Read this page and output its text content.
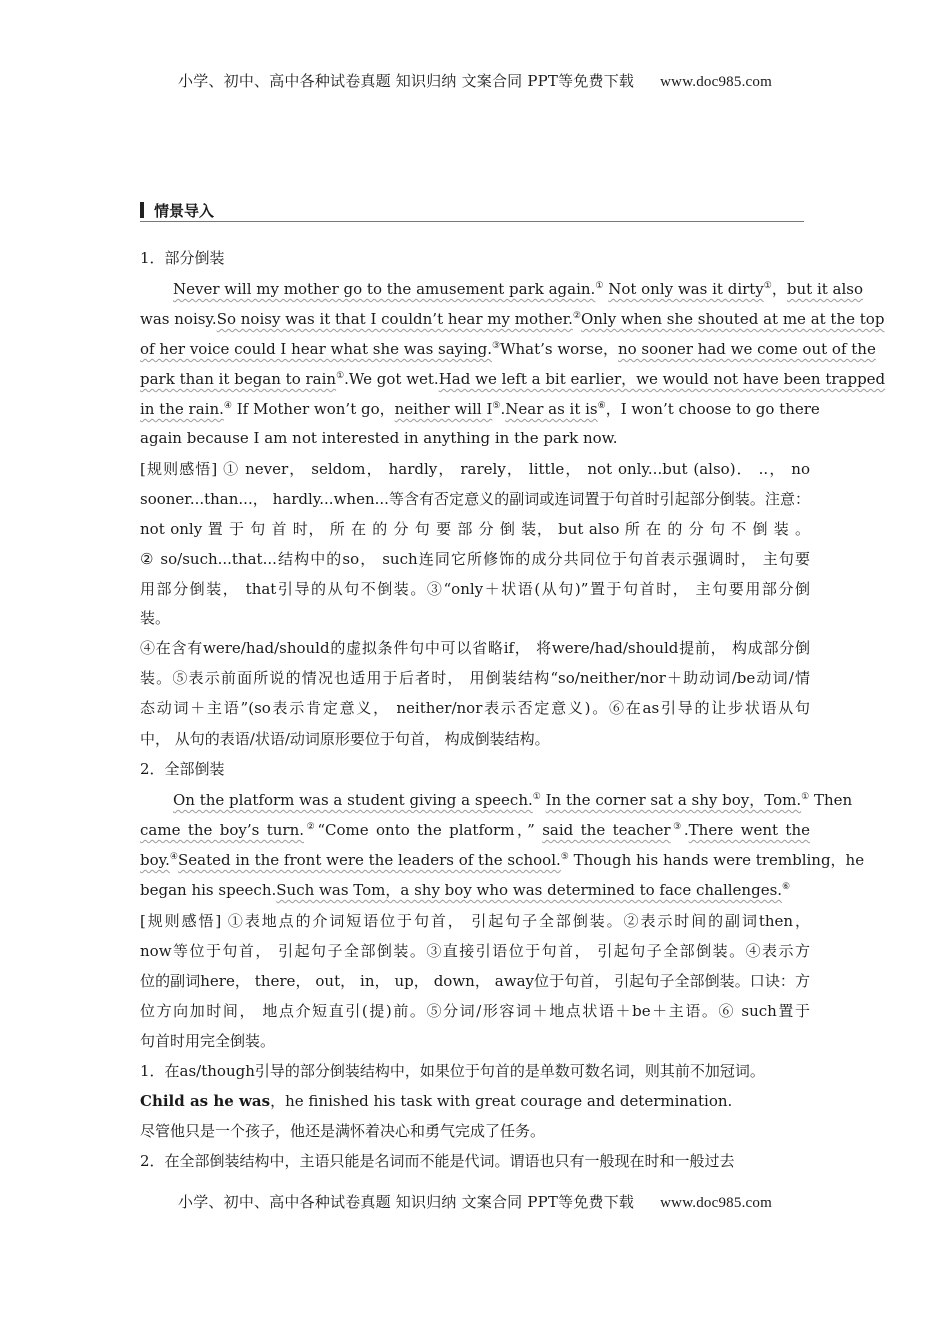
小学、初中、高中各种试卷真题 知识归纳 文案合同 PPT等免费下载 www.doc985.com
情景导入
1．部分倒装
Never will my mother go to the amusement park again.① Not only was it dirty①，but it also
was noisy.So noisy was it that I couldn’t hear my mother.②Only when she shouted at me at the top
of her voice could I hear what she was saying.③What’s worse，no sooner had we come out of the
park than it began to rain①.We got wet.Had we left a bit earlier，we would not have been trapped
in the rain.④ If Mother won’t go，neither will I⑤.Near as it is⑥，I won’t choose to go there
again because I am not interested in anything in the park now.
[规则感悟] ① never， seldom， hardly， rarely， little， not only...but (also)． ..， no
sooner...than...， hardly...when...等含有否定意义的副词或连词置于句首时引起部分倒装。注意：
not only 置 于 句 首 时， 所 在 的 分 句 要 部 分 倒 装， but also 所 在 的 分 句 不 倒 装 。
② so/such...that...结构中的so， such连同它所修饰的成分共同位于句首表示强调时， 主句要
用部分倒装， that引导的从句不倒装。③“only＋状语(从句)”置于句首时， 主句要用部分倒
装。
④在含有were/had/should的虚拟条件句中可以省略if， 将were/had/should提前， 构成部分倒
装。⑤表示前面所说的情况也适用于后者时， 用倒装结构“so/neither/nor＋助动词/be动词/情
态动词＋主语”(so表示肯定意义， neither/nor表示否定意义)。⑥在as引导的让步状语从句
中， 从句的表语/状语/动词原形要位于句首， 构成倒装结构。
2．全部倒装
On the platform was a student giving a speech.① In the corner sat a shy boy，Tom.① Then
came the boy’s turn.②“Come onto the platform，” said the teacher③.There went the
boy.④Seated in the front were the leaders of the school.⑤ Though his hands were trembling，he
began his speech.Such was Tom，a shy boy who was determined to face challenges.⑥
[规则感悟] ①表地点的介词短语位于句首， 引起句子全部倒装。②表示时间的副词then，
now等位于句首， 引起句子全部倒装。③直接引语位于句首， 引起句子全部倒装。④表示方
位的副词here， there， out， in， up， down， away位于句首， 引起句子全部倒装。口诀：方
位方向加时间， 地点介短直引(提)前。⑤分词/形容词＋地点状语＋be＋主语。⑥ such置于
句首时用完全倒装。
1．在as/though引导的部分倒装结构中，如果位于句首的是单数可数名词，则其前不加冠词。
Child as he was，he finished his task with great courage and determination.
尽管他只是一个孩子，他还是满怀着决心和勇气完成了任务。
2．在全部倒装结构中，主语只能是名词而不能是代词。谓语也只有一般现在时和一般过去
小学、初中、高中各种试卷真题 知识归纳 文案合同 PPT等免费下载 www.doc985.com
